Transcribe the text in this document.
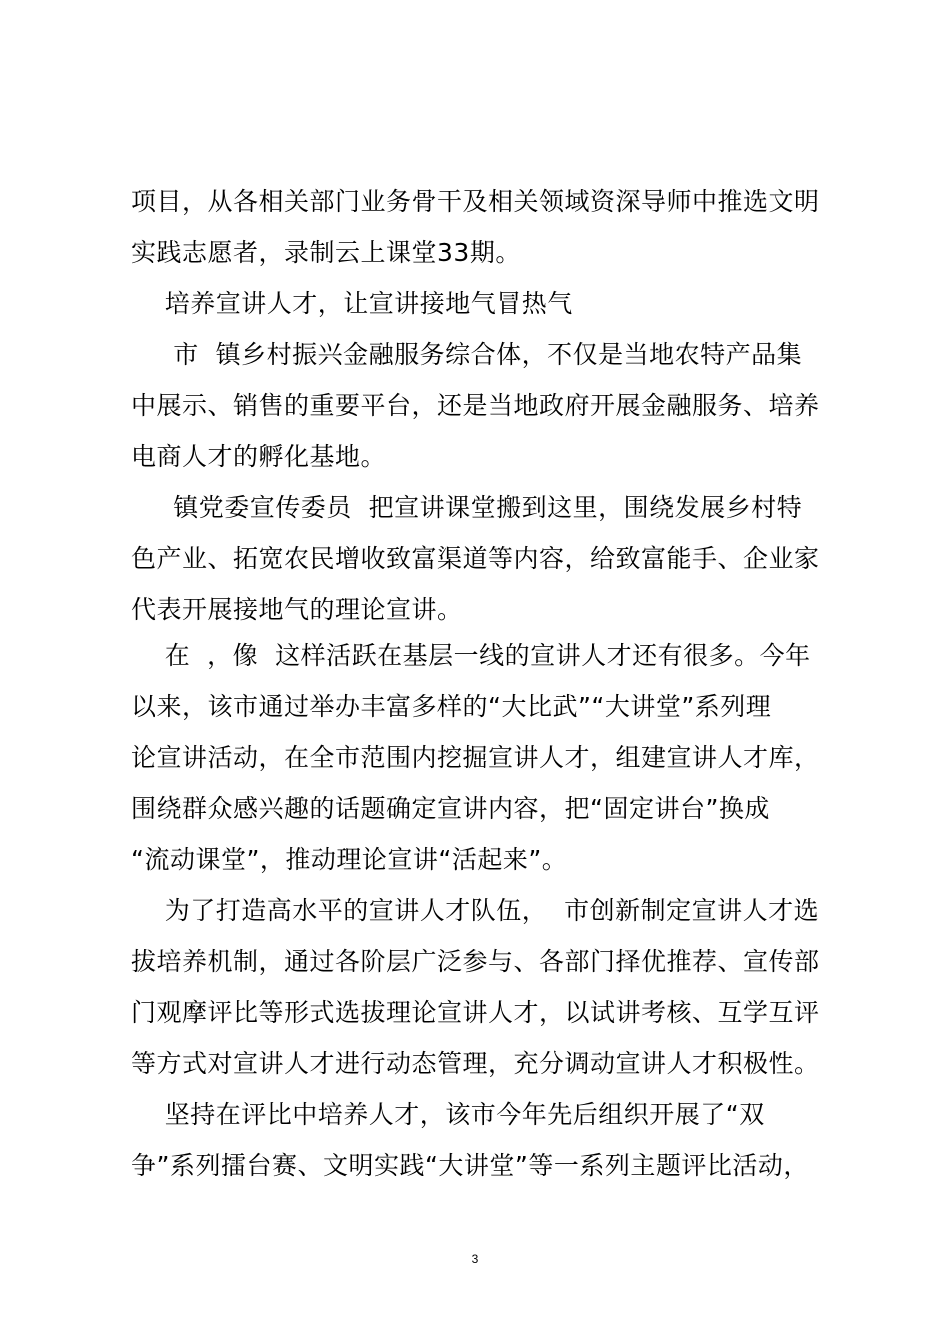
项目，从各相关部门业务骨干及相关领域资深导师中推选文明
实践志愿者，录制云上课堂33期。
培养宣讲人才，让宣讲接地气冒热气
市  镇乡村振兴金融服务综合体，不仅是当地农特产品集
中展示、销售的重要平台，还是当地政府开展金融服务、培养
电商人才的孵化基地。
镇党委宣传委员  把宣讲课堂搬到这里，围绕发展乡村特
色产业、拓宽农民增收致富渠道等内容，给致富能手、企业家
代表开展接地气的理论宣讲。
在  ，像  这样活跃在基层一线的宣讲人才还有很多。今年
以来，该市通过举办丰富多样的“大比武”“大讲堂”系列理
论宣讲活动，在全市范围内挖掘宣讲人才，组建宣讲人才库，
围绕群众感兴趣的话题确定宣讲内容，把“固定讲台”换成
“流动课堂”，推动理论宣讲“活起来”。
为了打造高水平的宣讲人才队伍，  市创新制定宣讲人才选
拔培养机制，通过各阶层广泛参与、各部门择优推荐、宣传部
门观摩评比等形式选拔理论宣讲人才，以试讲考核、互学互评
等方式对宣讲人才进行动态管理，充分调动宣讲人才积极性。
坚持在评比中培养人才，该市今年先后组织开展了“双
争”系列擂台赛、文明实践“大讲堂”等一系列主题评比活动，
3
